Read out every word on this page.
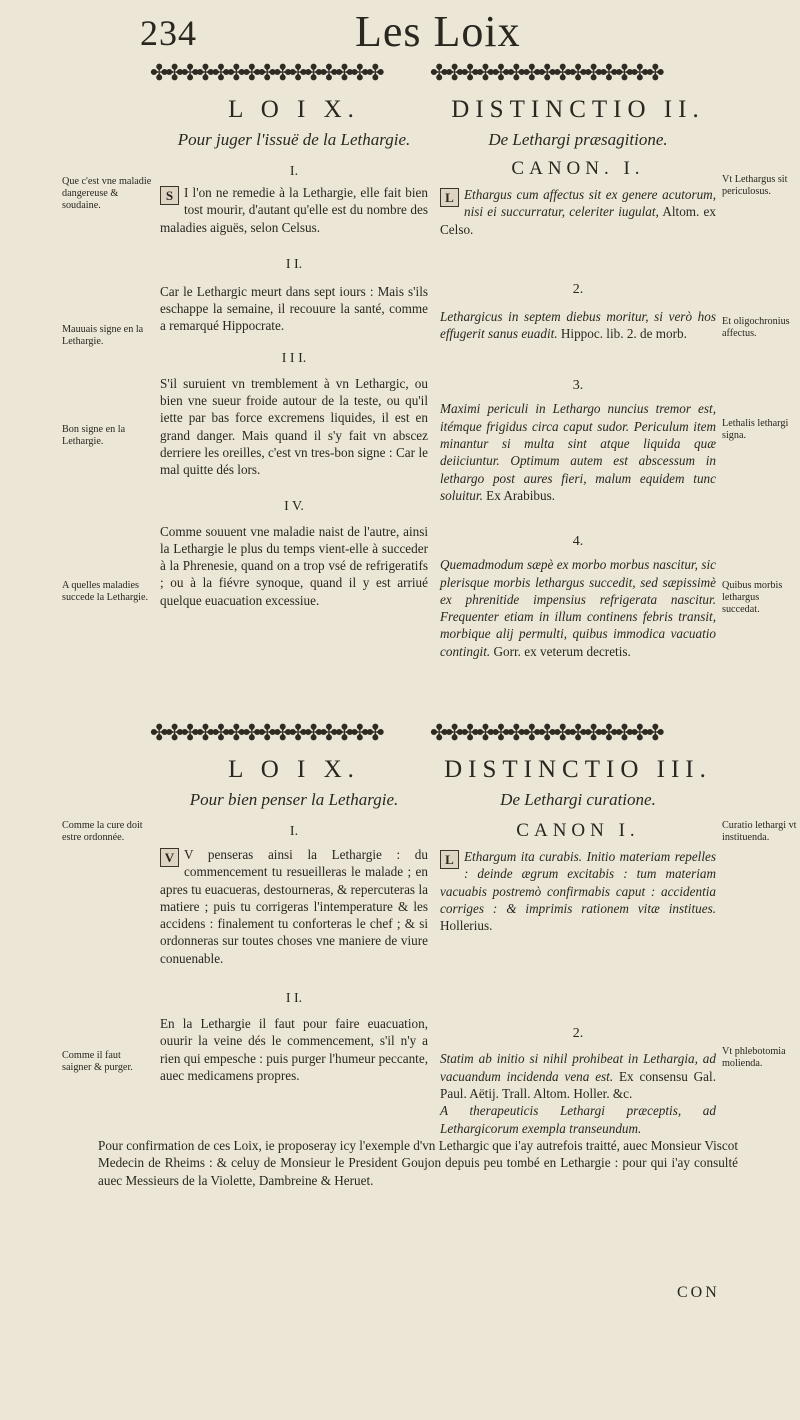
234	Les Loix
✤✤✤✤✤✤✤✤✤✤✤✤✤✤✤ ✤✤✤✤✤✤✤✤✤✤✤✤✤✤✤
✤✤✤✤✤✤✤✤✤✤✤✤✤✤✤ ✤✤✤✤✤✤✤✤✤✤✤✤✤✤✤
L O I X.
Pour juger l'issuë de la Lethargie.
I.
S I l'on ne remedie à la Lethargie, elle fait bien tost mourir, d'autant qu'elle est du nombre des maladies aiguës, selon Celsus.
I I.
Car le Lethargic meurt dans sept iours : Mais s'ils eschappe la semaine, il recouure la santé, comme a remarqué Hippocrate.
I I I.
S'il suruient vn tremblement à vn Lethargic, ou bien vne sueur froide autour de la teste, ou qu'il iette par bas force excremens liquides, il est en grand danger. Mais quand il s'y fait vn abscez derriere les oreilles, c'est vn tres-bon signe : Car le mal quitte dés lors.
I V.
Comme souuent vne maladie naist de l'autre, ainsi la Lethargie le plus du temps vient-elle à succeder à la Phrenesie, quand on a trop vsé de refrigeratifs ; ou à la fiévre synoque, quand il y est arriué quelque euacuation excessiue.
DISTINCTIO II.
De Lethargi præsagitione.
CANON. I.
L Ethargus cum affectus sit ex genere acutorum, nisi ei succurratur, celeriter iugulat, Altom. ex Celso.
2.
Lethargicus in septem diebus moritur, si verò hos effugerit sanus euadit. Hippoc. lib. 2. de morb.
3.
Maximi periculi in Lethargo nuncius tremor est, itémque frigidus circa caput sudor. Periculum item minantur si multa sint atque liquida quæ deiiciuntur. Optimum autem est abscessum in lethargo post aures fieri, malum equidem tunc soluitur. Ex Arabibus.
4.
Quemadmodum sæpè ex morbo morbus nascitur, sic plerisque morbis lethargus succedit, sed sæpissimè ex phrenitide impensius refrigerata nascitur. Frequenter etiam in illum continens febris transit, morbique alij permulti, quibus immodica vacuatio contingit. Gorr. ex veterum decretis.
L O I X.
Pour bien penser la Lethargie.
I.
V V penseras ainsi la Lethargie : du commencement tu resueilleras le malade ; en apres tu euacueras, destourneras, & repercuteras la matiere ; puis tu corrigeras l'intemperature & les accidens : finalement tu conforteras le chef ; & si ordonneras sur toutes choses vne maniere de viure conuenable.
I I.
En la Lethargie il faut pour faire euacuation, ouurir la veine dés le commencement, s'il n'y a rien qui empesche : puis purger l'humeur peccante, auec medicamens propres.
DISTINCTIO III.
De Lethargi curatione.
CANON I.
L Ethargum ita curabis. Initio materiam repelles : deinde ægrum excitabis : tum materiam vacuabis postremò confirmabis caput : accidentia corriges : & imprimis rationem vitæ institues. Hollerius.
2.
Statim ab initio si nihil prohibeat in Lethargia, ad vacuandum incidenda vena est. Ex consensu Gal. Paul. Aëtij. Trall. Altom. Holler. &c.
A therapeuticis Lethargi præceptis, ad Lethargicorum exempla transeundum.
Que c'est vne maladie dangereuse & soudaine.
Mauuais signe en la Lethargie.
Bon signe en la Lethargie.
A quelles maladies succede la Lethargie.
Comme la cure doit estre ordonnée.
Comme il faut saigner & purger.
Vt Lethargus sit periculosus.
Et oligochronius affectus.
Lethalis lethargi signa.
Quibus morbis lethargus succedat.
Curatio lethargi vt instituenda.
Vt phlebotomia molienda.
Pour confirmation de ces Loix, ie proposeray icy l'exemple d'vn Lethargic que i'ay autrefois traitté, auec Monsieur Viscot Medecin de Rheims : & celuy de Monsieur le President Goujon depuis peu tombé en Lethargie : pour qui i'ay consulté auec Messieurs de la Violette, Dambreine & Heruet.
CON
